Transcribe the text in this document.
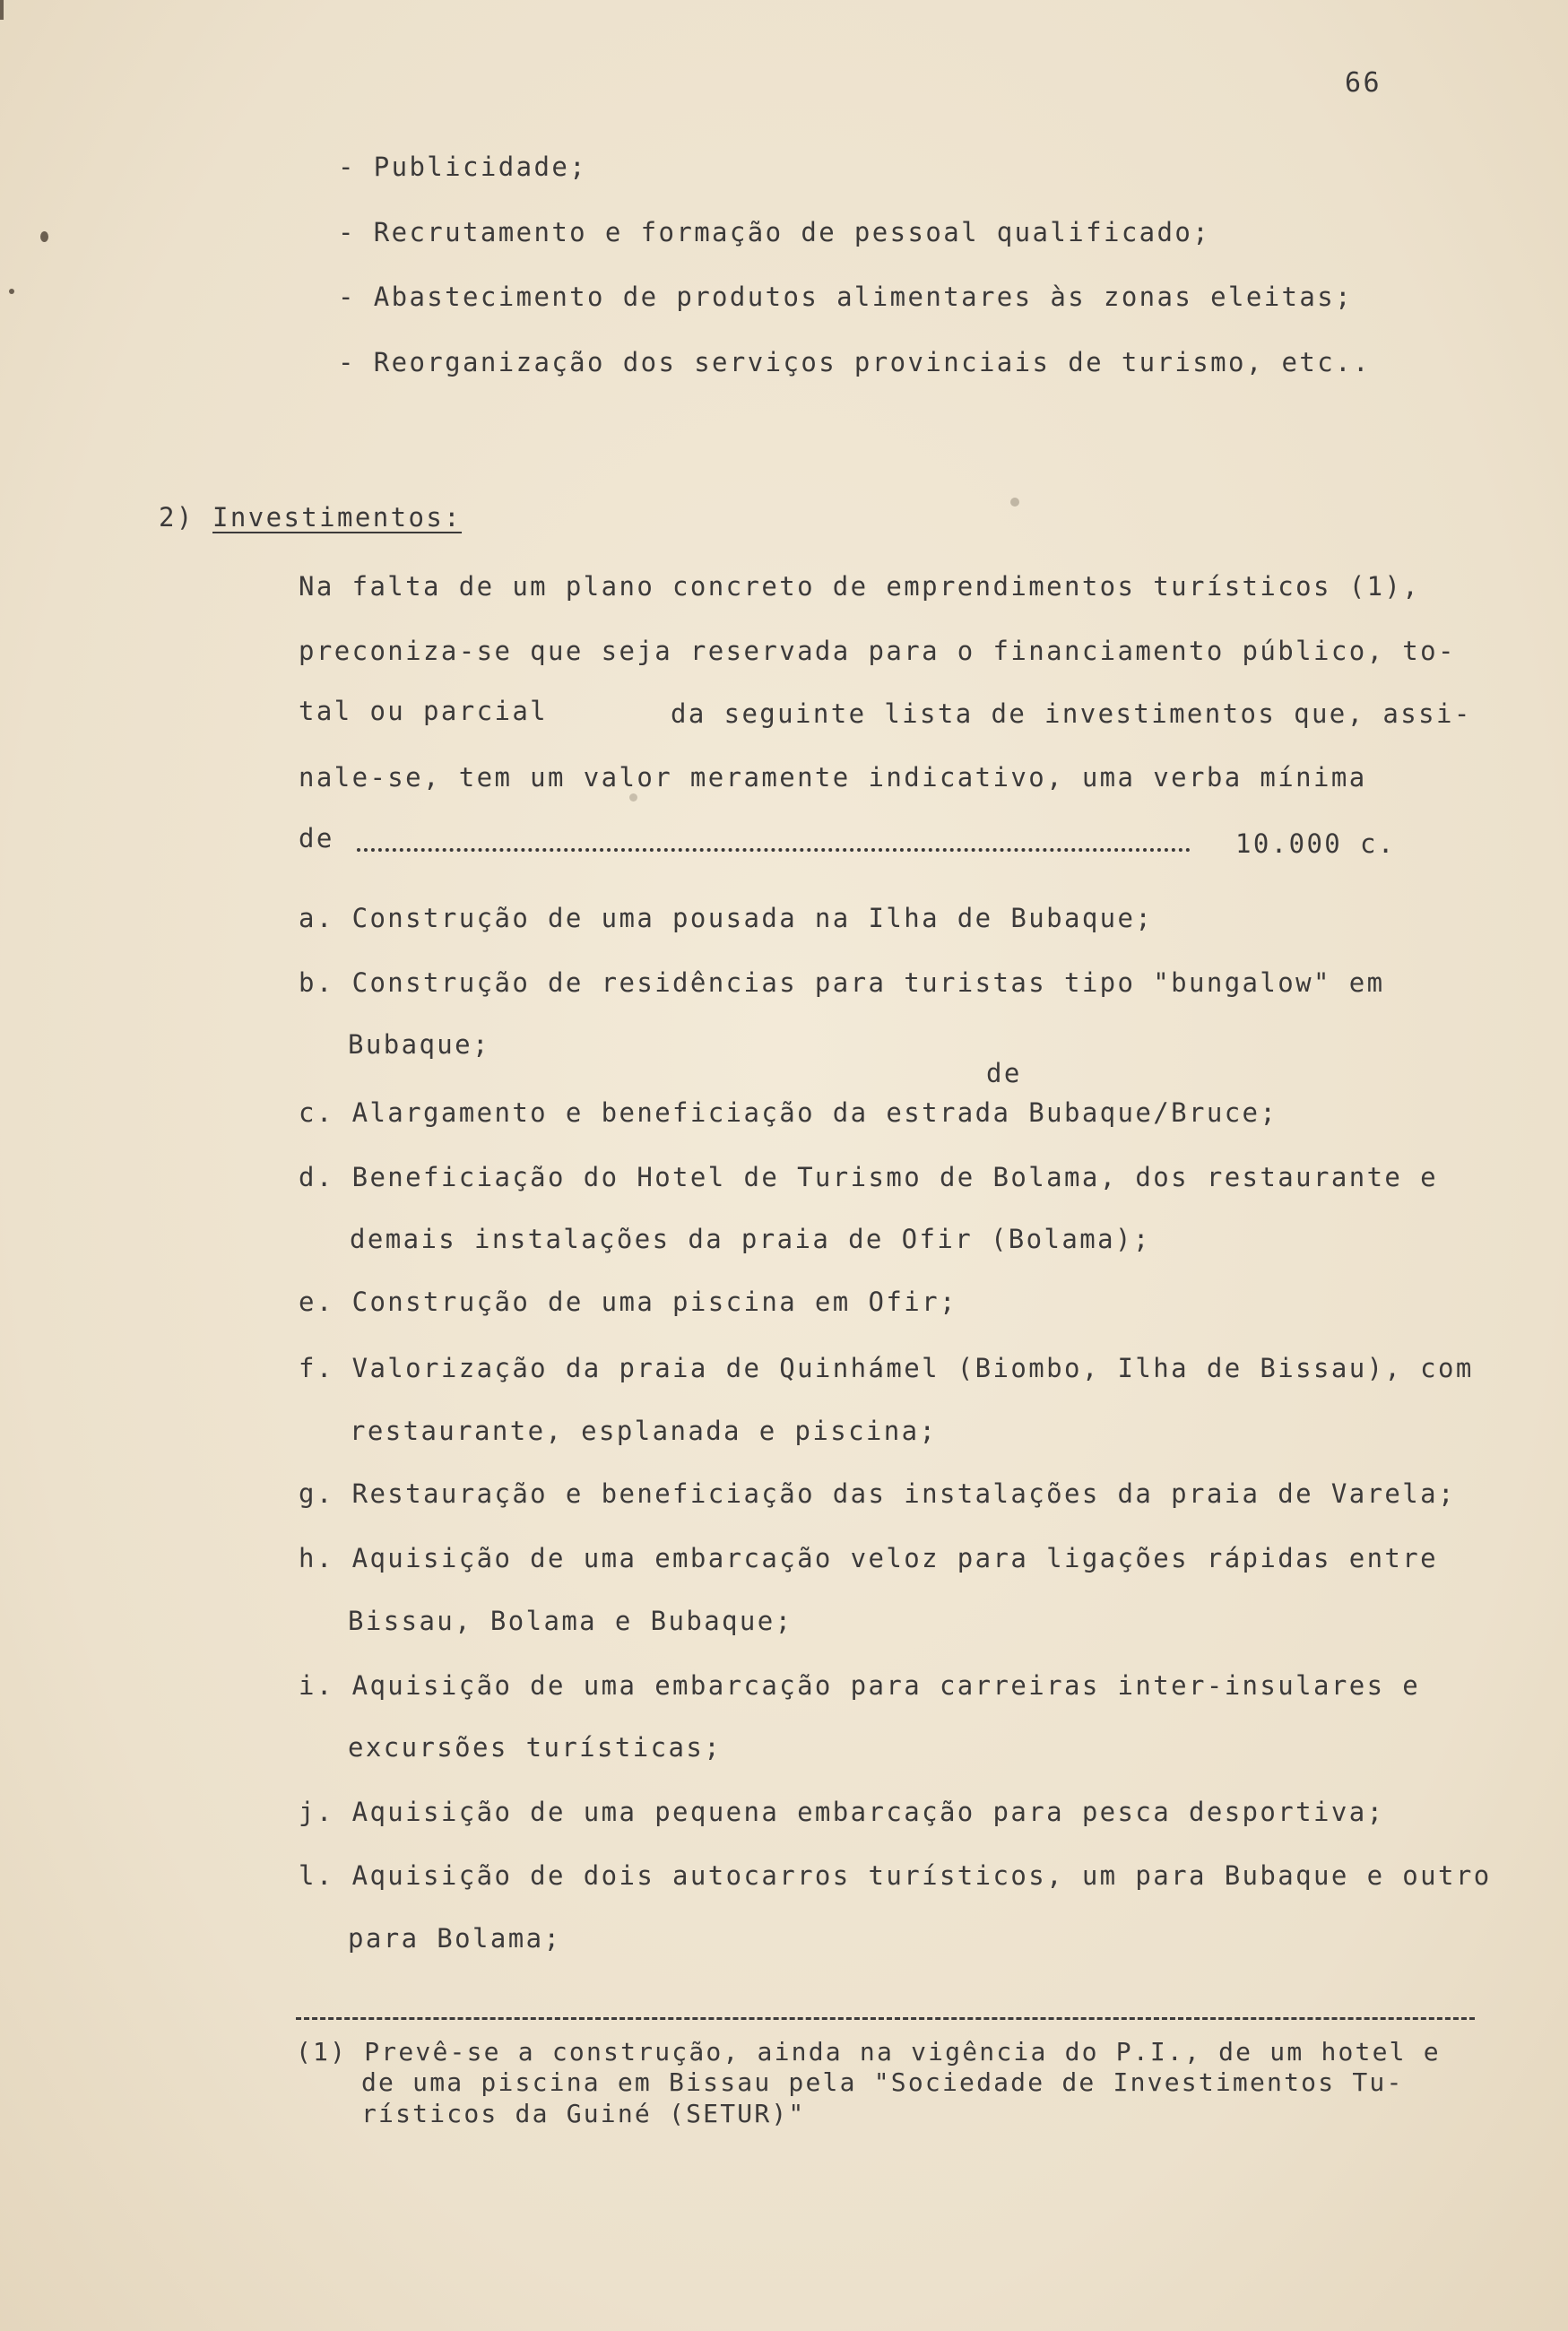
66
- Publicidade;
- Recrutamento e formação de pessoal qualificado;
- Abastecimento de produtos alimentares às zonas eleitas;
- Reorganização dos serviços provinciais de turismo, etc..
2) Investimentos:
Na falta de um plano concreto de emprendimentos turísticos (1),
preconiza-se que seja reservada para o financiamento público, to-
tal ou parcial	da seguinte lista de investimentos que, assi-
nale-se, tem um valor meramente indicativo, uma verba mínima
de	10.000 c.
a. Construção de uma pousada na Ilha de Bubaque;
b. Construção de residências para turistas tipo "bungalow" em
Bubaque;
de
c. Alargamento e beneficiação da estrada Bubaque/Bruce;
d. Beneficiação do Hotel de Turismo de Bolama, dos restaurante e
demais instalações da praia de Ofir (Bolama);
e. Construção de uma piscina em Ofir;
f. Valorização da praia de Quinhámel (Biombo, Ilha de Bissau), com
restaurante, esplanada e piscina;
g. Restauração e beneficiação das instalações da praia de Varela;
h. Aquisição de uma embarcação veloz para ligações rápidas entre
Bissau, Bolama e Bubaque;
i. Aquisição de uma embarcação para carreiras inter-insulares e
excursões turísticas;
j. Aquisição de uma pequena embarcação para pesca desportiva;
l. Aquisição de dois autocarros turísticos, um para Bubaque e outro
para Bolama;
(1) Prevê-se a construção, ainda na vigência do P.I., de um hotel e
de uma piscina em Bissau pela "Sociedade de Investimentos Tu-
rísticos da Guiné (SETUR)"
